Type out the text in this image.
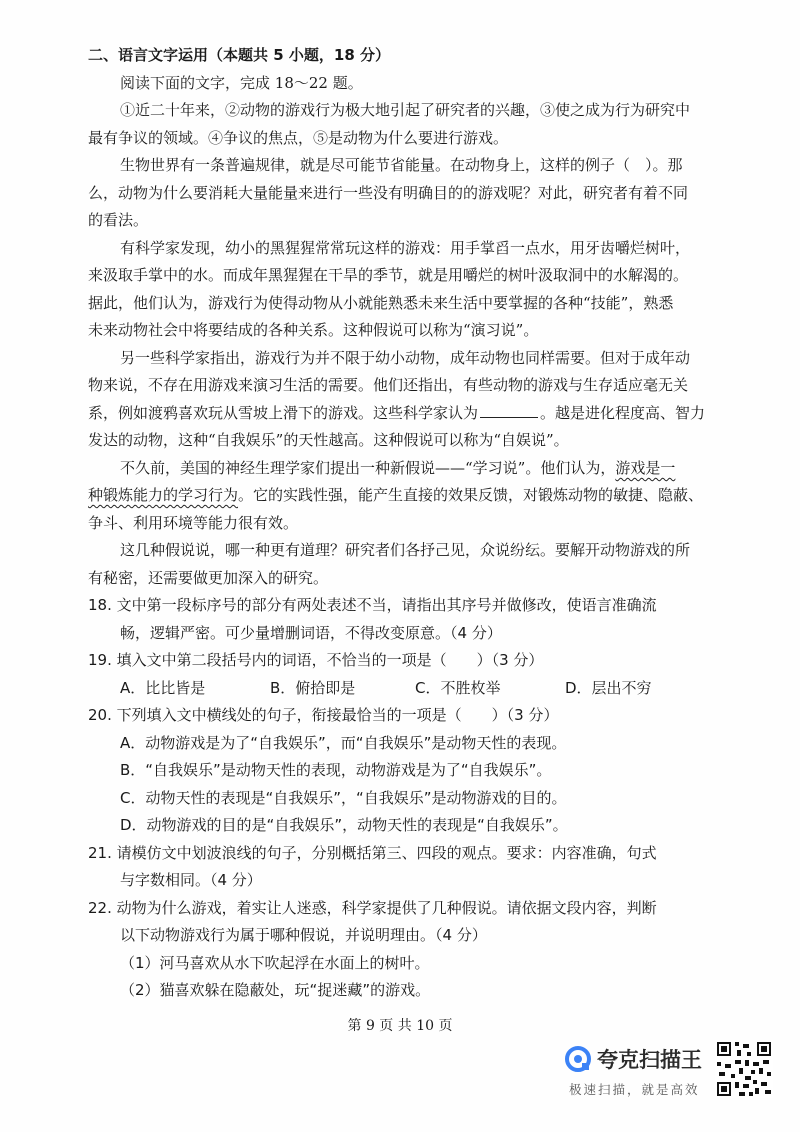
二、语言文字运用（本题共 5 小题，18 分）
阅读下面的文字，完成 18～22 题。
①近二十年来，②动物的游戏行为极大地引起了研究者的兴趣，③使之成为行为研究中
最有争议的领域。④争议的焦点，⑤是动物为什么要进行游戏。
生物世界有一条普遍规律，就是尽可能节省能量。在动物身上，这样的例子（　）。那
么，动物为什么要消耗大量能量来进行一些没有明确目的的游戏呢？对此，研究者有着不同
的看法。
有科学家发现，幼小的黑猩猩常常玩这样的游戏：用手掌舀一点水，用牙齿嚼烂树叶，
来汲取手掌中的水。而成年黑猩猩在干旱的季节，就是用嚼烂的树叶汲取洞中的水解渴的。
据此，他们认为，游戏行为使得动物从小就能熟悉未来生活中要掌握的各种“技能”，熟悉
未来动物社会中将要结成的各种关系。这种假说可以称为“演习说”。
另一些科学家指出，游戏行为并不限于幼小动物，成年动物也同样需要。但对于成年动
物来说，不存在用游戏来演习生活的需要。他们还指出，有些动物的游戏与生存适应毫无关
系，例如渡鸦喜欢玩从雪坡上滑下的游戏。这些科学家认为	。越是进化程度高、智力
发达的动物，这种“自我娱乐”的天性越高。这种假说可以称为“自娱说”。
不久前，美国的神经生理学家们提出一种新假说——“学习说”。他们认为，游戏是一
种锻炼能力的学习行为。它的实践性强，能产生直接的效果反馈，对锻炼动物的敏捷、隐蔽、
争斗、利用环境等能力很有效。
这几种假说说，哪一种更有道理？研究者们各抒己见，众说纷纭。要解开动物游戏的所
有秘密，还需要做更加深入的研究。
18. 文中第一段标序号的部分有两处表述不当，请指出其序号并做修改，使语言准确流
畅，逻辑严密。可少量增删词语，不得改变原意。（4 分）
19. 填入文中第二段括号内的词语，不恰当的一项是（　　）（3 分）
A．比比皆是	B．俯拾即是	C．不胜枚举	D．层出不穷
20. 下列填入文中横线处的句子，衔接最恰当的一项是（　　）（3 分）
A．动物游戏是为了“自我娱乐”，而“自我娱乐”是动物天性的表现。
B．“自我娱乐”是动物天性的表现，动物游戏是为了“自我娱乐”。
C．动物天性的表现是“自我娱乐”，“自我娱乐”是动物游戏的目的。
D．动物游戏的目的是“自我娱乐”，动物天性的表现是“自我娱乐”。
21. 请模仿文中划波浪线的句子，分别概括第三、四段的观点。要求：内容准确，句式
与字数相同。（4 分）
22. 动物为什么游戏，着实让人迷惑，科学家提供了几种假说。请依据文段内容，判断
以下动物游戏行为属于哪种假说，并说明理由。（4 分）
（1）河马喜欢从水下吹起浮在水面上的树叶。
（2）猫喜欢躲在隐蔽处，玩“捉迷藏”的游戏。
第 9 页 共 10 页
夸克扫描王
极速扫描，就是高效
